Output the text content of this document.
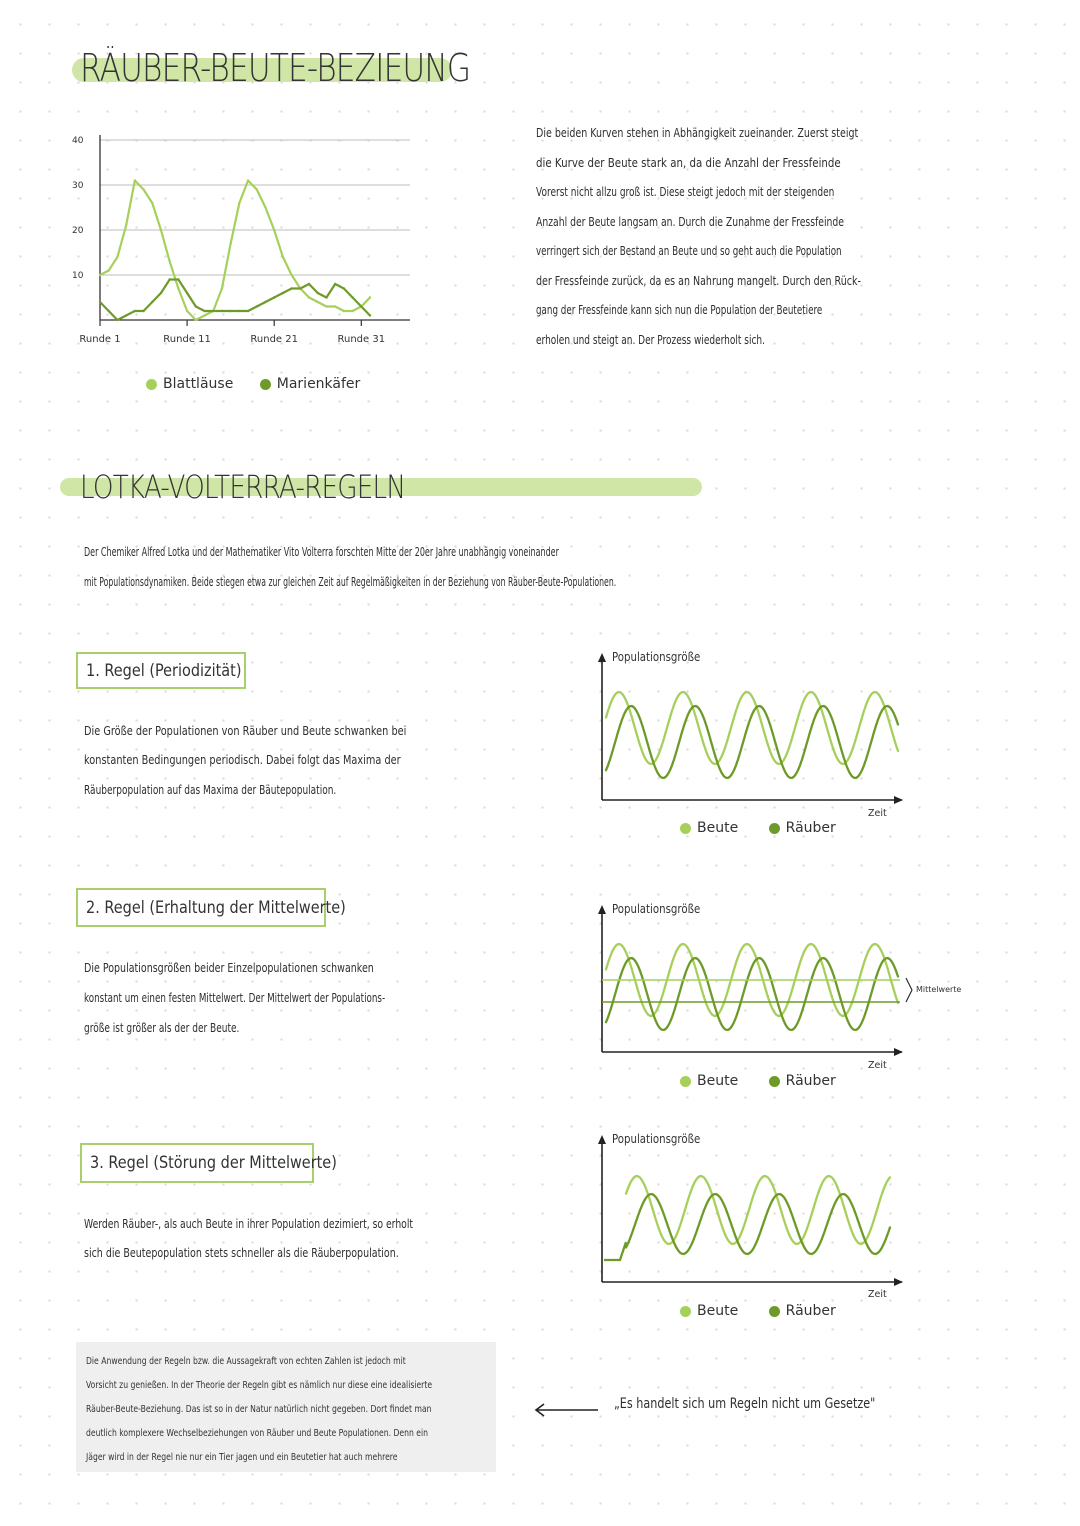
RÄUBER-BEUTE-BEZIEUNG
40
30
20
10
Runde 1	Runde 11	Runde 21	Runde 31
Blattläuse	Marienkäfer
Die beiden Kurven stehen in Abhängigkeit zueinander. Zuerst steigt
die Kurve der Beute stark an, da die Anzahl der Fressfeinde
Vorerst nicht allzu groß ist. Diese steigt jedoch mit der steigenden
Anzahl der Beute langsam an. Durch die Zunahme der Fressfeinde
verringert sich der Bestand an Beute und so geht auch die Population
der Fressfeinde zurück, da es an Nahrung mangelt. Durch den Rück-
gang der Fressfeinde kann sich nun die Population der Beutetiere
erholen und steigt an. Der Prozess wiederholt sich.
LOTKA-VOLTERRA-REGELN
Der Chemiker Alfred Lotka und der Mathematiker Vito Volterra forschten Mitte der 20er Jahre unabhängig voneinander
mit Populationsdynamiken. Beide stiegen etwa zur gleichen Zeit auf Regelmäßigkeiten in der Beziehung von Räuber-Beute-Populationen.
1. Regel (Periodizität)
Die Größe der Populationen von Räuber und Beute schwanken bei
konstanten Bedingungen periodisch. Dabei folgt das Maxima der
Räuberpopulation auf das Maxima der Bäutepopulation.
Populationsgröße
Zeit
Beute	Räuber
2. Regel (Erhaltung der Mittelwerte)
Die Populationsgrößen beider Einzelpopulationen schwanken
konstant um einen festen Mittelwert. Der Mittelwert der Populations-
größe ist größer als der der Beute.
Populationsgröße
Zeit
Mittelwerte
Beute	Räuber
3. Regel (Störung der Mittelwerte)
Werden Räuber-, als auch Beute in ihrer Population dezimiert, so erholt
sich die Beutepopulation stets schneller als die Räuberpopulation.
Populationsgröße
Zeit
Beute	Räuber
Die Anwendung der Regeln bzw. die Aussagekraft von echten Zahlen ist jedoch mit
Vorsicht zu genießen. In der Theorie der Regeln gibt es nämlich nur diese eine idealisierte
Räuber-Beute-Beziehung. Das ist so in der Natur natürlich nicht gegeben. Dort findet man
deutlich komplexere Wechselbeziehungen von Räuber und Beute Populationen. Denn ein
Jäger wird in der Regel nie nur ein Tier jagen und ein Beutetier hat auch mehrere
„Es handelt sich um Regeln nicht um Gesetze"
